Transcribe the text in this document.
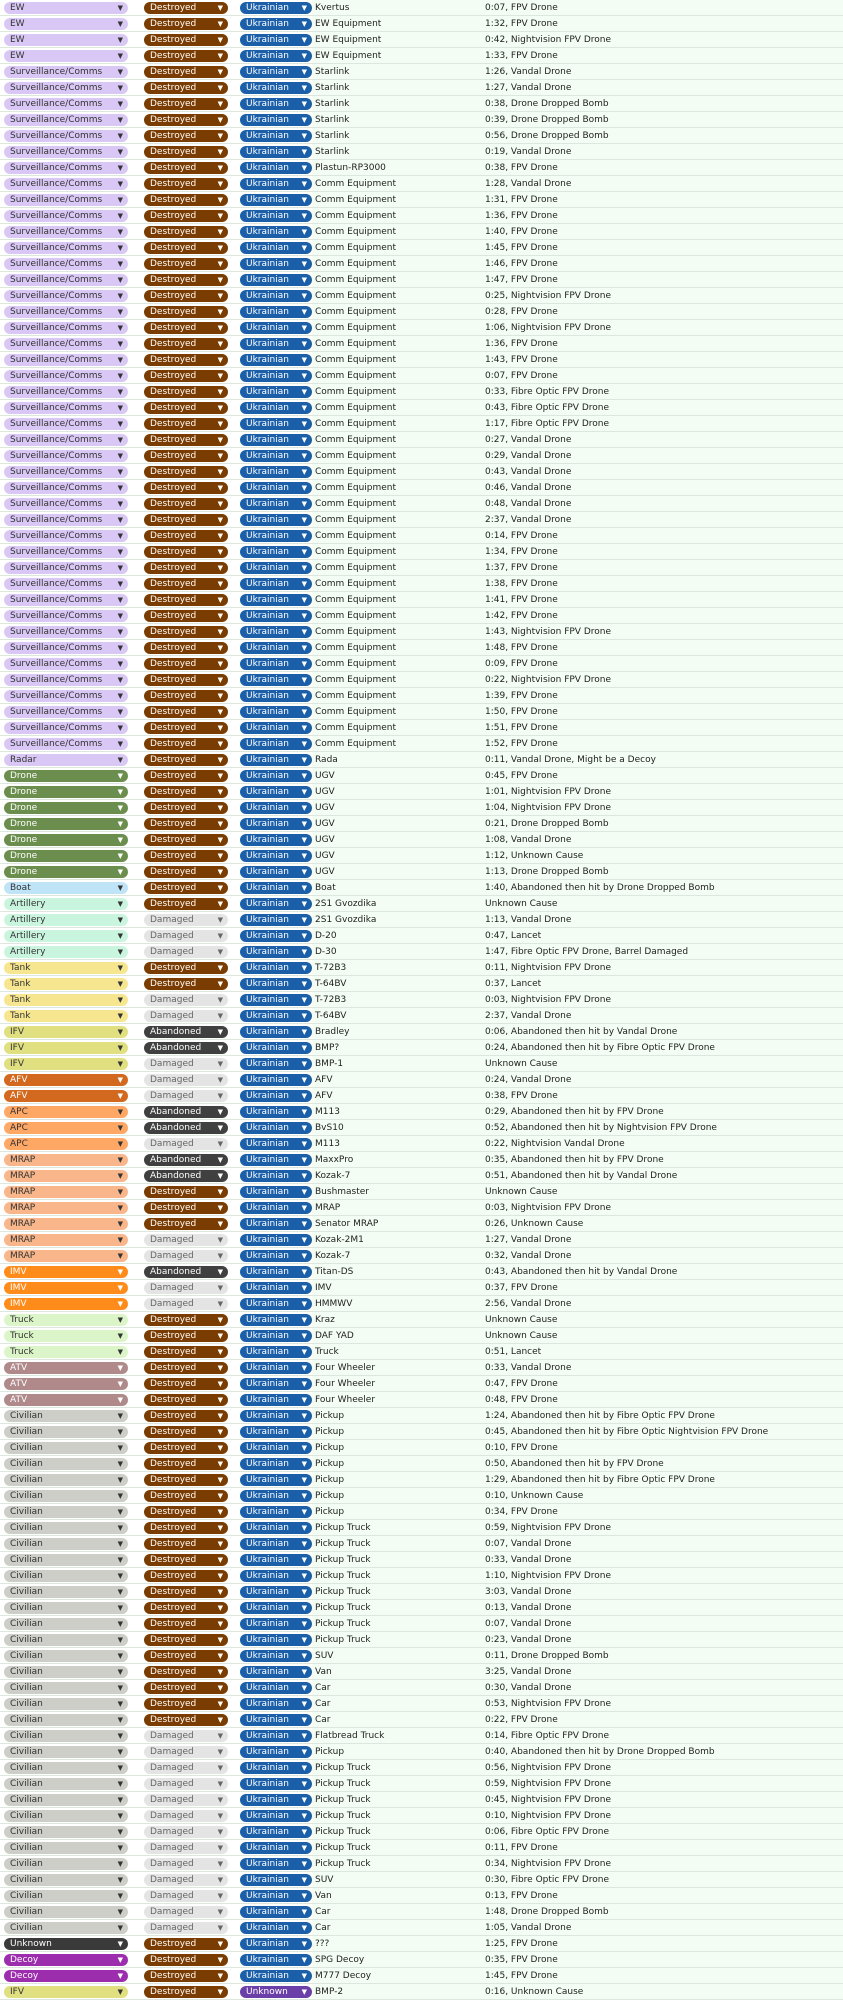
EW	▼	Destroyed	▼	Ukrainian	▼ Kvertus	0:07, FPV Drone
EW	▼	Destroyed	▼	Ukrainian	▼ EW Equipment	1:32, FPV Drone
EW	▼	Destroyed	▼	Ukrainian	▼ EW Equipment	0:42, Nightvision FPV Drone
EW	▼	Destroyed	▼	Ukrainian	▼ EW Equipment	1:33, FPV Drone
Surveillance/Comms	▼	Destroyed	▼	Ukrainian	▼ Starlink	1:26, Vandal Drone
Surveillance/Comms	▼	Destroyed	▼	Ukrainian	▼ Starlink	1:27, Vandal Drone
Surveillance/Comms	▼	Destroyed	▼	Ukrainian	▼ Starlink	0:38, Drone Dropped Bomb
Surveillance/Comms	▼	Destroyed	▼	Ukrainian	▼ Starlink	0:39, Drone Dropped Bomb
Surveillance/Comms	▼	Destroyed	▼	Ukrainian	▼ Starlink	0:56, Drone Dropped Bomb
Surveillance/Comms	▼	Destroyed	▼	Ukrainian	▼ Starlink	0:19, Vandal Drone
Surveillance/Comms	▼	Destroyed	▼	Ukrainian	▼ Plastun-RP3000	0:38, FPV Drone
Surveillance/Comms	▼	Destroyed	▼	Ukrainian	▼ Comm Equipment	1:28, Vandal Drone
Surveillance/Comms	▼	Destroyed	▼	Ukrainian	▼ Comm Equipment	1:31, FPV Drone
Surveillance/Comms	▼	Destroyed	▼	Ukrainian	▼ Comm Equipment	1:36, FPV Drone
Surveillance/Comms	▼	Destroyed	▼	Ukrainian	▼ Comm Equipment	1:40, FPV Drone
Surveillance/Comms	▼	Destroyed	▼	Ukrainian	▼ Comm Equipment	1:45, FPV Drone
Surveillance/Comms	▼	Destroyed	▼	Ukrainian	▼ Comm Equipment	1:46, FPV Drone
Surveillance/Comms	▼	Destroyed	▼	Ukrainian	▼ Comm Equipment	1:47, FPV Drone
Surveillance/Comms	▼	Destroyed	▼	Ukrainian	▼ Comm Equipment	0:25, Nightvision FPV Drone
Surveillance/Comms	▼	Destroyed	▼	Ukrainian	▼ Comm Equipment	0:28, FPV Drone
Surveillance/Comms	▼	Destroyed	▼	Ukrainian	▼ Comm Equipment	1:06, Nightvision FPV Drone
Surveillance/Comms	▼	Destroyed	▼	Ukrainian	▼ Comm Equipment	1:36, FPV Drone
Surveillance/Comms	▼	Destroyed	▼	Ukrainian	▼ Comm Equipment	1:43, FPV Drone
Surveillance/Comms	▼	Destroyed	▼	Ukrainian	▼ Comm Equipment	0:07, FPV Drone
Surveillance/Comms	▼	Destroyed	▼	Ukrainian	▼ Comm Equipment	0:33, Fibre Optic FPV Drone
Surveillance/Comms	▼	Destroyed	▼	Ukrainian	▼ Comm Equipment	0:43, Fibre Optic FPV Drone
Surveillance/Comms	▼	Destroyed	▼	Ukrainian	▼ Comm Equipment	1:17, Fibre Optic FPV Drone
Surveillance/Comms	▼	Destroyed	▼	Ukrainian	▼ Comm Equipment	0:27, Vandal Drone
Surveillance/Comms	▼	Destroyed	▼	Ukrainian	▼ Comm Equipment	0:29, Vandal Drone
Surveillance/Comms	▼	Destroyed	▼	Ukrainian	▼ Comm Equipment	0:43, Vandal Drone
Surveillance/Comms	▼	Destroyed	▼	Ukrainian	▼ Comm Equipment	0:46, Vandal Drone
Surveillance/Comms	▼	Destroyed	▼	Ukrainian	▼ Comm Equipment	0:48, Vandal Drone
Surveillance/Comms	▼	Destroyed	▼	Ukrainian	▼ Comm Equipment	2:37, Vandal Drone
Surveillance/Comms	▼	Destroyed	▼	Ukrainian	▼ Comm Equipment	0:14, FPV Drone
Surveillance/Comms	▼	Destroyed	▼	Ukrainian	▼ Comm Equipment	1:34, FPV Drone
Surveillance/Comms	▼	Destroyed	▼	Ukrainian	▼ Comm Equipment	1:37, FPV Drone
Surveillance/Comms	▼	Destroyed	▼	Ukrainian	▼ Comm Equipment	1:38, FPV Drone
Surveillance/Comms	▼	Destroyed	▼	Ukrainian	▼ Comm Equipment	1:41, FPV Drone
Surveillance/Comms	▼	Destroyed	▼	Ukrainian	▼ Comm Equipment	1:42, FPV Drone
Surveillance/Comms	▼	Destroyed	▼	Ukrainian	▼ Comm Equipment	1:43, Nightvision FPV Drone
Surveillance/Comms	▼	Destroyed	▼	Ukrainian	▼ Comm Equipment	1:48, FPV Drone
Surveillance/Comms	▼	Destroyed	▼	Ukrainian	▼ Comm Equipment	0:09, FPV Drone
Surveillance/Comms	▼	Destroyed	▼	Ukrainian	▼ Comm Equipment	0:22, Nightvision FPV Drone
Surveillance/Comms	▼	Destroyed	▼	Ukrainian	▼ Comm Equipment	1:39, FPV Drone
Surveillance/Comms	▼	Destroyed	▼	Ukrainian	▼ Comm Equipment	1:50, FPV Drone
Surveillance/Comms	▼	Destroyed	▼	Ukrainian	▼ Comm Equipment	1:51, FPV Drone
Surveillance/Comms	▼	Destroyed	▼	Ukrainian	▼ Comm Equipment	1:52, FPV Drone
Radar	▼	Destroyed	▼	Ukrainian	▼ Rada	0:11, Vandal Drone, Might be a Decoy
Drone	▼	Destroyed	▼	Ukrainian	▼ UGV	0:45, FPV Drone
Drone	▼	Destroyed	▼	Ukrainian	▼ UGV	1:01, Nightvision FPV Drone
Drone	▼	Destroyed	▼	Ukrainian	▼ UGV	1:04, Nightvision FPV Drone
Drone	▼	Destroyed	▼	Ukrainian	▼ UGV	0:21, Drone Dropped Bomb
Drone	▼	Destroyed	▼	Ukrainian	▼ UGV	1:08, Vandal Drone
Drone	▼	Destroyed	▼	Ukrainian	▼ UGV	1:12, Unknown Cause
Drone	▼	Destroyed	▼	Ukrainian	▼ UGV	1:13, Drone Dropped Bomb
Boat	▼	Destroyed	▼	Ukrainian	▼ Boat	1:40, Abandoned then hit by Drone Dropped Bomb
Artillery	▼	Destroyed	▼	Ukrainian	▼ 2S1 Gvozdika	Unknown Cause
Artillery	▼	Damaged	▼	Ukrainian	▼ 2S1 Gvozdika	1:13, Vandal Drone
Artillery	▼	Damaged	▼	Ukrainian	▼ D-20	0:47, Lancet
Artillery	▼	Damaged	▼	Ukrainian	▼ D-30	1:47, Fibre Optic FPV Drone, Barrel Damaged
Tank	▼	Destroyed	▼	Ukrainian	▼ T-72B3	0:11, Nightvision FPV Drone
Tank	▼	Destroyed	▼	Ukrainian	▼ T-64BV	0:37, Lancet
Tank	▼	Damaged	▼	Ukrainian	▼ T-72B3	0:03, Nightvision FPV Drone
Tank	▼	Damaged	▼	Ukrainian	▼ T-64BV	2:37, Vandal Drone
IFV	▼	Abandoned	▼	Ukrainian	▼ Bradley	0:06, Abandoned then hit by Vandal Drone
IFV	▼	Abandoned	▼	Ukrainian	▼ BMP?	0:24, Abandoned then hit by Fibre Optic FPV Drone
IFV	▼	Damaged	▼	Ukrainian	▼ BMP-1	Unknown Cause
AFV	▼	Damaged	▼	Ukrainian	▼ AFV	0:24, Vandal Drone
AFV	▼	Damaged	▼	Ukrainian	▼ AFV	0:38, FPV Drone
APC	▼	Abandoned	▼	Ukrainian	▼ M113	0:29, Abandoned then hit by FPV Drone
APC	▼	Abandoned	▼	Ukrainian	▼ BvS10	0:52, Abandoned then hit by Nightvision FPV Drone
APC	▼	Damaged	▼	Ukrainian	▼ M113	0:22, Nightvision Vandal Drone
MRAP	▼	Abandoned	▼	Ukrainian	▼ MaxxPro	0:35, Abandoned then hit by FPV Drone
MRAP	▼	Abandoned	▼	Ukrainian	▼ Kozak-7	0:51, Abandoned then hit by Vandal Drone
MRAP	▼	Destroyed	▼	Ukrainian	▼ Bushmaster	Unknown Cause
MRAP	▼	Destroyed	▼	Ukrainian	▼ MRAP	0:03, Nightvision FPV Drone
MRAP	▼	Destroyed	▼	Ukrainian	▼ Senator MRAP	0:26, Unknown Cause
MRAP	▼	Damaged	▼	Ukrainian	▼ Kozak-2M1	1:27, Vandal Drone
MRAP	▼	Damaged	▼	Ukrainian	▼ Kozak-7	0:32, Vandal Drone
IMV	▼	Abandoned	▼	Ukrainian	▼ Titan-DS	0:43, Abandoned then hit by Vandal Drone
IMV	▼	Damaged	▼	Ukrainian	▼ IMV	0:37, FPV Drone
IMV	▼	Damaged	▼	Ukrainian	▼ HMMWV	2:56, Vandal Drone
Truck	▼	Destroyed	▼	Ukrainian	▼ Kraz	Unknown Cause
Truck	▼	Destroyed	▼	Ukrainian	▼ DAF YAD	Unknown Cause
Truck	▼	Destroyed	▼	Ukrainian	▼ Truck	0:51, Lancet
ATV	▼	Destroyed	▼	Ukrainian	▼ Four Wheeler	0:33, Vandal Drone
ATV	▼	Destroyed	▼	Ukrainian	▼ Four Wheeler	0:47, FPV Drone
ATV	▼	Destroyed	▼	Ukrainian	▼ Four Wheeler	0:48, FPV Drone
Civilian	▼	Destroyed	▼	Ukrainian	▼ Pickup	1:24, Abandoned then hit by Fibre Optic FPV Drone
Civilian	▼	Destroyed	▼	Ukrainian	▼ Pickup	0:45, Abandoned then hit by Fibre Optic Nightvision FPV Drone
Civilian	▼	Destroyed	▼	Ukrainian	▼ Pickup	0:10, FPV Drone
Civilian	▼	Destroyed	▼	Ukrainian	▼ Pickup	0:50, Abandoned then hit by FPV Drone
Civilian	▼	Destroyed	▼	Ukrainian	▼ Pickup	1:29, Abandoned then hit by Fibre Optic FPV Drone
Civilian	▼	Destroyed	▼	Ukrainian	▼ Pickup	0:10, Unknown Cause
Civilian	▼	Destroyed	▼	Ukrainian	▼ Pickup	0:34, FPV Drone
Civilian	▼	Destroyed	▼	Ukrainian	▼ Pickup Truck	0:59, Nightvision FPV Drone
Civilian	▼	Destroyed	▼	Ukrainian	▼ Pickup Truck	0:07, Vandal Drone
Civilian	▼	Destroyed	▼	Ukrainian	▼ Pickup Truck	0:33, Vandal Drone
Civilian	▼	Destroyed	▼	Ukrainian	▼ Pickup Truck	1:10, Nightvision FPV Drone
Civilian	▼	Destroyed	▼	Ukrainian	▼ Pickup Truck	3:03, Vandal Drone
Civilian	▼	Destroyed	▼	Ukrainian	▼ Pickup Truck	0:13, Vandal Drone
Civilian	▼	Destroyed	▼	Ukrainian	▼ Pickup Truck	0:07, Vandal Drone
Civilian	▼	Destroyed	▼	Ukrainian	▼ Pickup Truck	0:23, Vandal Drone
Civilian	▼	Destroyed	▼	Ukrainian	▼ SUV	0:11, Drone Dropped Bomb
Civilian	▼	Destroyed	▼	Ukrainian	▼ Van	3:25, Vandal Drone
Civilian	▼	Destroyed	▼	Ukrainian	▼ Car	0:30, Vandal Drone
Civilian	▼	Destroyed	▼	Ukrainian	▼ Car	0:53, Nightvision FPV Drone
Civilian	▼	Destroyed	▼	Ukrainian	▼ Car	0:22, FPV Drone
Civilian	▼	Damaged	▼	Ukrainian	▼ Flatbread Truck	0:14, Fibre Optic FPV Drone
Civilian	▼	Damaged	▼	Ukrainian	▼ Pickup	0:40, Abandoned then hit by Drone Dropped Bomb
Civilian	▼	Damaged	▼	Ukrainian	▼ Pickup Truck	0:56, Nightvision FPV Drone
Civilian	▼	Damaged	▼	Ukrainian	▼ Pickup Truck	0:59, Nightvision FPV Drone
Civilian	▼	Damaged	▼	Ukrainian	▼ Pickup Truck	0:45, Nightvision FPV Drone
Civilian	▼	Damaged	▼	Ukrainian	▼ Pickup Truck	0:10, Nightvision FPV Drone
Civilian	▼	Damaged	▼	Ukrainian	▼ Pickup Truck	0:06, Fibre Optic FPV Drone
Civilian	▼	Damaged	▼	Ukrainian	▼ Pickup Truck	0:11, FPV Drone
Civilian	▼	Damaged	▼	Ukrainian	▼ Pickup Truck	0:34, Nightvision FPV Drone
Civilian	▼	Damaged	▼	Ukrainian	▼ SUV	0:30, Fibre Optic FPV Drone
Civilian	▼	Damaged	▼	Ukrainian	▼ Van	0:13, FPV Drone
Civilian	▼	Damaged	▼	Ukrainian	▼ Car	1:48, Drone Dropped Bomb
Civilian	▼	Damaged	▼	Ukrainian	▼ Car	1:05, Vandal Drone
Unknown	▼	Destroyed	▼	Ukrainian	▼ ???	1:25, FPV Drone
Decoy	▼	Destroyed	▼	Ukrainian	▼ SPG Decoy	0:35, FPV Drone
Decoy	▼	Destroyed	▼	Ukrainian	▼ M777 Decoy	1:45, FPV Drone
IFV	▼	Destroyed	▼	Unknown	▼ BMP-2	0:16, Unknown Cause
